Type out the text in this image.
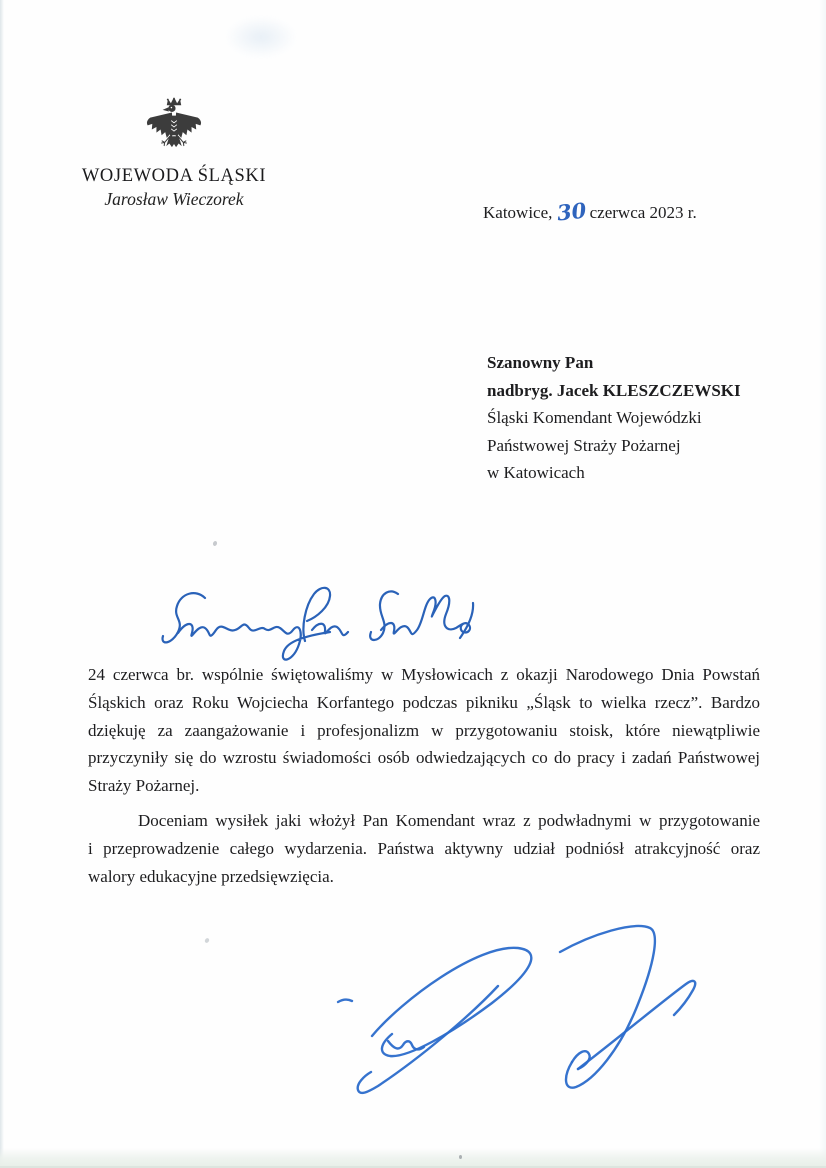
WOJEWODA ŚLĄSKI
Jarosław Wieczorek
Katowice, 30 czerwca 2023 r.
Szanowny Pan
nadbryg. Jacek KLESZCZEWSKI
Śląski Komendant Wojewódzki
Państwowej Straży Pożarnej
w Katowicach
24 czerwca br. wspólnie świętowaliśmy w Mysłowicach z okazji Narodowego Dnia Powstań
Śląskich oraz Roku Wojciecha Korfantego podczas pikniku „Śląsk to wielka rzecz”. Bardzo
dziękuję za zaangażowanie i profesjonalizm w przygotowaniu stoisk, które niewątpliwie
przyczyniły się do wzrostu świadomości osób odwiedzających co do pracy i zadań Państwowej
Straży Pożarnej.
Doceniam wysiłek jaki włożył Pan Komendant wraz z podwładnymi w przygotowanie
i przeprowadzenie całego wydarzenia. Państwa aktywny udział podniósł atrakcyjność oraz
walory edukacyjne przedsięwzięcia.
